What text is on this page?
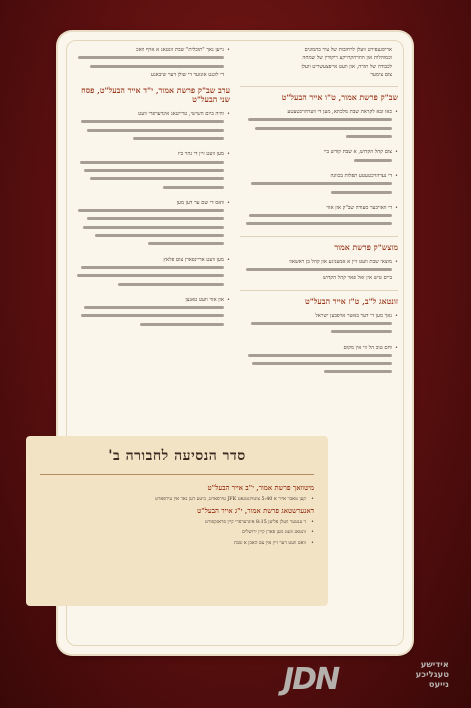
•
נייען נאך "תוכלית" שבת זונטאג א אויף וואכ
די לוגנט אונזער די שולן דער שיבאנע
ערב שב"ק פרשת אמור, י"ד אייר הבעל"ט, פסח שני הבעל"ט
•
והיה ביום השישי, טרייטאג אינדערפרי וועט
•
מען וועט זיין די נהר ביז
•
וואס די שם ער דען מען
•
מען וועט אריינפארן צום פלאץ
•
און אזוי וועט טאנצן
אריסגעפירט וועלן לרחובות של עיר בהמונים
וכמוהלות און החרהקרויקע ריקודין של שמחה
לכבודה של תורה, און וועט אייפצעשריט וועלן
צום צימער
שב"ק פרשת אמור, ט"ו אייר הבעל"ט
•
כאו זבא לקראת שבת מלכתא, מען די ווערהויכטעטע
•
צום קהל הקדוש, א שבת קודש ביי
•
די נערהויכטעטע תפלות בכוונה
•
די וואויכער סעודה שב"ק און אזוי
מוצש"ק פרשת אמור
•
מוצאי שבת וועט זיין א אמעניגע און קהל בן ראשאוו
ביים טיש אין זאל פאר קהל הקדוש
זונטאג ל"ב, ט"ז אייר הבעל"ט
•
נאך מען די דער באשר אויפבען ישראל
•
וחם טוב הל ווי אין מקום
סדר הנסיעה לחבורה ב'
מיטוואך פרשת אמור, י"ב אייר הבעל"ט
•
קען טאבר אייר א 5:40 צוטויזנטגאט JFK עירפארט, ביטע דען גאר אין עירפארט
דאנערשטאג פרשת אמור, י"ג אייר הבעל"ט
•
ד ענטער וועלן פליען 8:15 אינדערפרי קיין פראנקפורט
•
זונטאג וועט מען פארן קיין ירושלים
•
וואס וועט דער זיין אין עס האבן א שבת
JDN	אידישע
טעגליכע
נייעס
